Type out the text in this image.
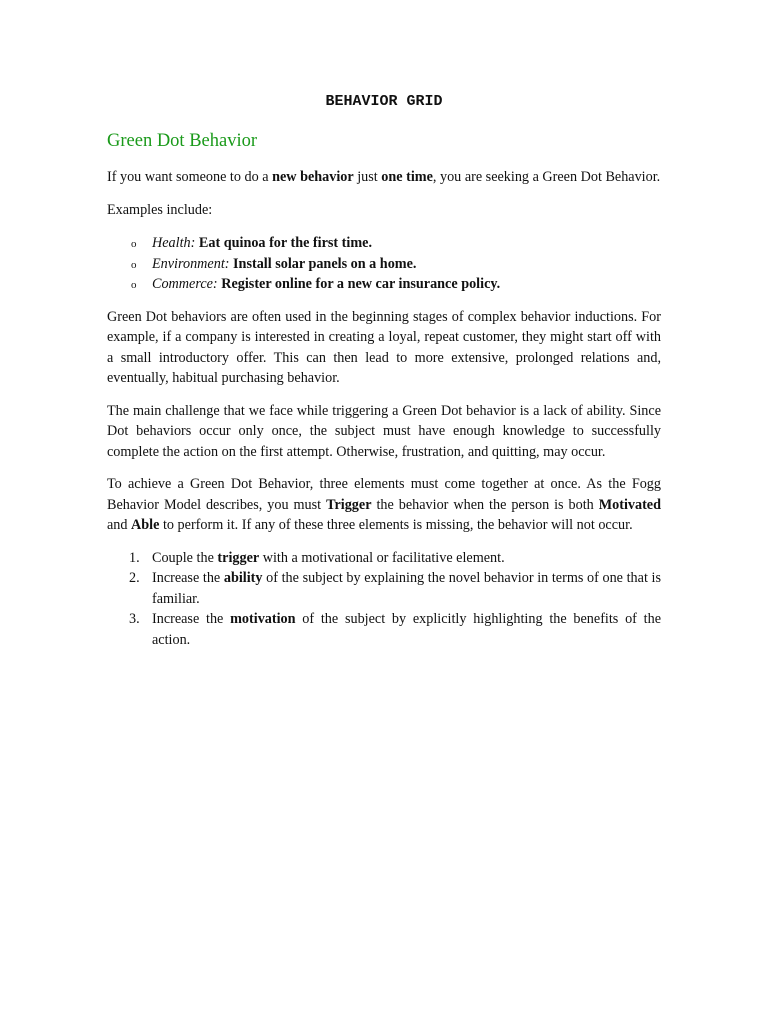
BEHAVIOR GRID
Green Dot Behavior

If you want someone to do a new behavior just one time, you are seeking a Green Dot Behavior.

Examples include:

o Health: Eat quinoa for the first time.
o Environment: Install solar panels on a home.
o Commerce: Register online for a new car insurance policy.

Green Dot behaviors are often used in the beginning stages of complex behavior inductions. For example, if a company is interested in creating a loyal, repeat customer, they might start off with a small introductory offer. This can then lead to more extensive, prolonged relations and, eventually, habitual purchasing behavior.

The main challenge that we face while triggering a Green Dot behavior is a lack of ability. Since Dot behaviors occur only once, the subject must have enough knowledge to successfully complete the action on the first attempt. Otherwise, frustration, and quitting, may occur.

To achieve a Green Dot Behavior, three elements must come together at once. As the Fogg Behavior Model describes, you must Trigger the behavior when the person is both Motivated and Able to perform it. If any of these three elements is missing, the behavior will not occur.

1 . Couple the trigger with a motivational or facilitative element.
2 . Increase the ability of the subject by explaining the novel behavior in terms of one that is familiar.
3 . Increase the motivation of the subject by explicitly highlighting the benefits of the action.
